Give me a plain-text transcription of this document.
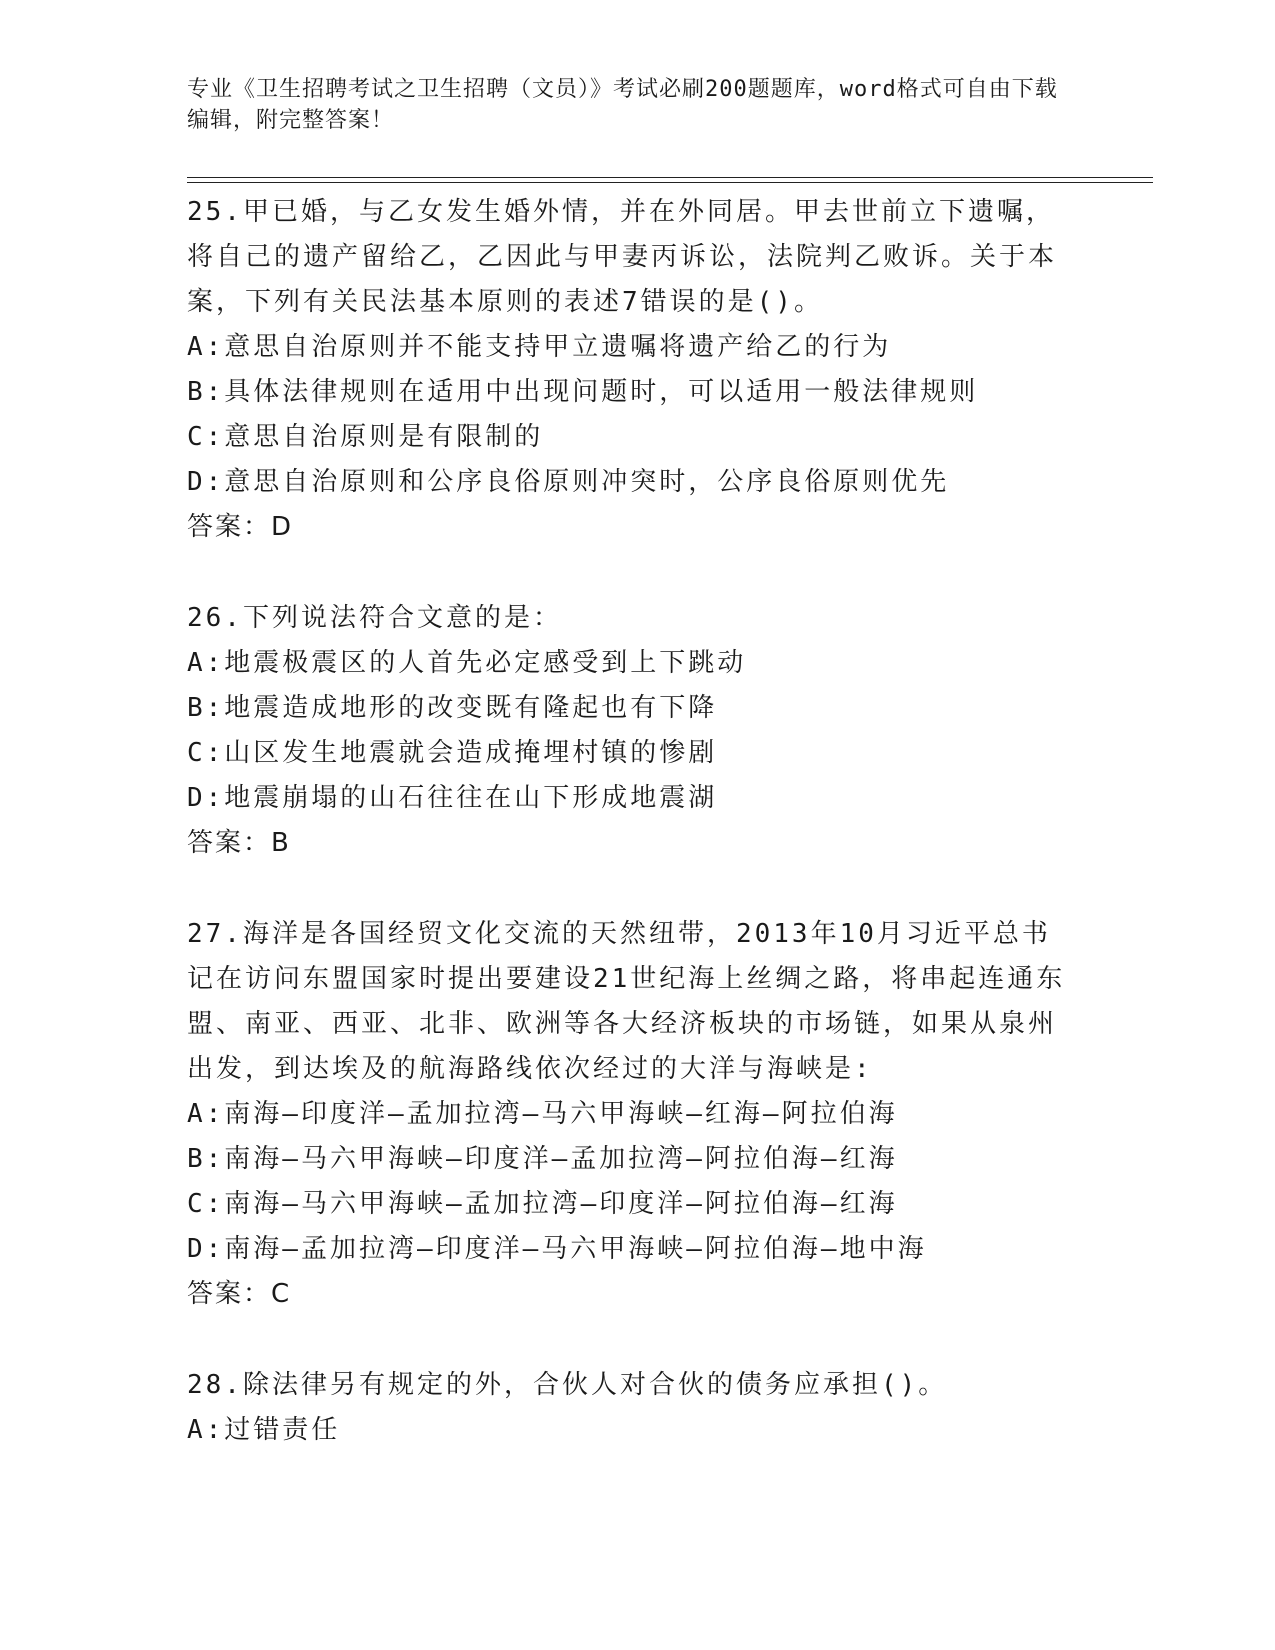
专业《卫生招聘考试之卫生招聘（文员）》考试必刷200题题库，word格式可自由下载编辑，附完整答案！
25.甲已婚，与乙女发生婚外情，并在外同居。甲去世前立下遗嘱，将自己的遗产留给乙，乙因此与甲妻丙诉讼，法院判乙败诉。关于本案，下列有关民法基本原则的表述7错误的是()。
A:意思自治原则并不能支持甲立遗嘱将遗产给乙的行为
B:具体法律规则在适用中出现问题时，可以适用一般法律规则
C:意思自治原则是有限制的
D:意思自治原则和公序良俗原则冲突时，公序良俗原则优先
答案：D
26.下列说法符合文意的是：
A:地震极震区的人首先必定感受到上下跳动
B:地震造成地形的改变既有隆起也有下降
C:山区发生地震就会造成掩埋村镇的惨剧
D:地震崩塌的山石往往在山下形成地震湖
答案：B
27.海洋是各国经贸文化交流的天然纽带，2013年10月习近平总书记在访问东盟国家时提出要建设21世纪海上丝绸之路，将串起连通东盟、南亚、西亚、北非、欧洲等各大经济板块的市场链，如果从泉州出发，到达埃及的航海路线依次经过的大洋与海峡是:
A:南海—印度洋—孟加拉湾—马六甲海峡—红海—阿拉伯海
B:南海—马六甲海峡—印度洋—孟加拉湾—阿拉伯海—红海
C:南海—马六甲海峡—孟加拉湾—印度洋—阿拉伯海—红海
D:南海—孟加拉湾—印度洋—马六甲海峡—阿拉伯海—地中海
答案：C
28.除法律另有规定的外，合伙人对合伙的债务应承担()。
A:过错责任
